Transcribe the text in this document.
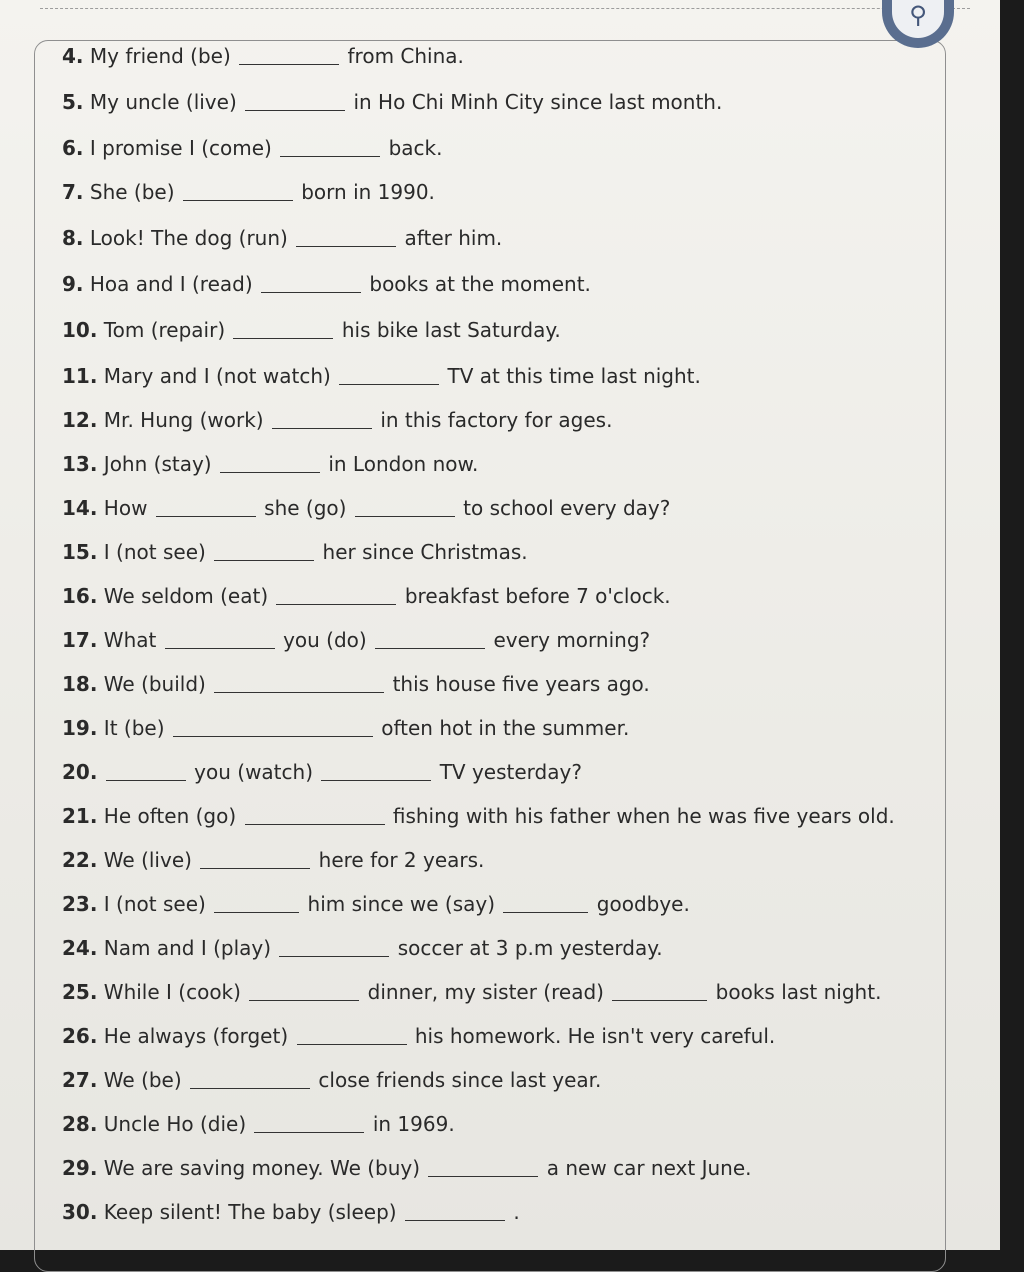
⚲
4. My friend (be)	from China.
5. My uncle (live)	in Ho Chi Minh City since last month.
6. I promise I (come)	back.
7. She (be)	born in 1990.
8. Look! The dog (run)	after him.
9. Hoa and I (read)	books at the moment.
10. Tom (repair)	his bike last Saturday.
11. Mary and I (not watch)	TV at this time last night.
12. Mr. Hung (work)	in this factory for ages.
13. John (stay)	in London now.
14. How	she (go)	to school every day?
15. I (not see)	her since Christmas.
16. We seldom (eat)	breakfast before 7 o'clock.
17. What	you (do)	every morning?
18. We (build)	this house five years ago.
19. It (be)	often hot in the summer.
20.	you (watch)	TV yesterday?
21. He often (go)	fishing with his father when he was five years old.
22. We (live)	here for 2 years.
23. I (not see)	him since we (say)	goodbye.
24. Nam and I (play)	soccer at 3 p.m yesterday.
25. While I (cook)	dinner, my sister (read)	books last night.
26. He always (forget)	his homework. He isn't very careful.
27. We (be)	close friends since last year.
28. Uncle Ho (die)	in 1969.
29. We are saving money. We (buy)	a new car next June.
30. Keep silent! The baby (sleep)	.
